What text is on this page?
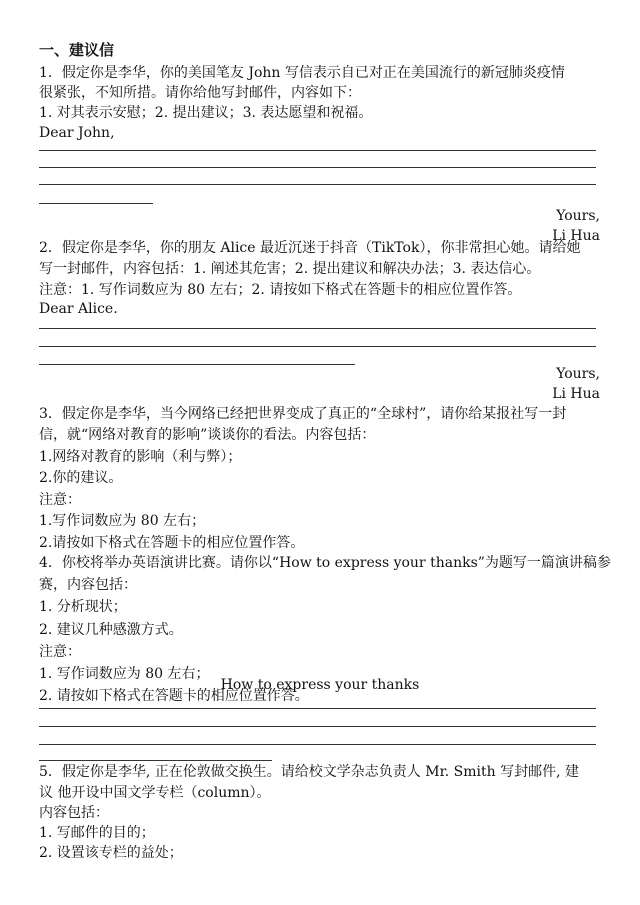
一、建议信
1．假定你是李华，你的美国笔友 John 写信表示自已对正在美国流行的新冠肺炎疫情
很紧张，不知所措。请你给他写封邮件，内容如下：
1. 对其表示安慰；2. 提出建议；3. 表达愿望和祝福。
Dear John,
Yours,
Li Hua
2．假定你是李华，你的朋友 Alice 最近沉迷于抖音（TikTok），你非常担心她。请给她
写一封邮件，内容包括：1. 阐述其危害；2. 提出建议和解决办法；3. 表达信心。
注意：1. 写作词数应为 80 左右；2. 请按如下格式在答题卡的相应位置作答。
Dear Alice.
Yours,
Li Hua
3．假定你是李华，当今网络已经把世界变成了真正的“全球村”，请你给某报社写一封
信，就“网络对教育的影响”谈谈你的看法。内容包括：
1.网络对教育的影响（利与弊）；
2.你的建议。
注意：
1.写作词数应为 80 左右；
2.请按如下格式在答题卡的相应位置作答。
4．你校将举办英语演讲比赛。请你以“How to express your thanks”为题写一篇演讲稿参
赛，内容包括：
1. 分析现状；
2. 建议几种感激方式。
注意：
1. 写作词数应为 80 左右；
2. 请按如下格式在答题卡的相应位置作答。
How to express your thanks
5．假定你是李华, 正在伦敦做交换生。请给校文学杂志负责人 Mr. Smith 写封邮件, 建
议 他开设中国文学专栏（column）。
内容包括：
1. 写邮件的目的；
2. 设置该专栏的益处；
